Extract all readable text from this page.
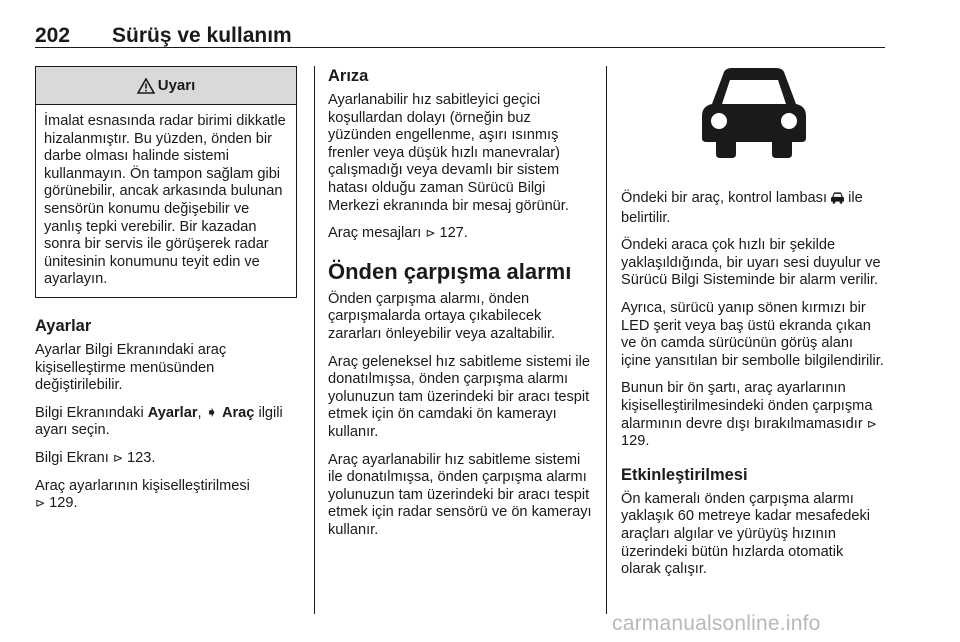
202 Sürüş ve kullanım
Uyarı

İmalat esnasında radar birimi dikkatle hizalanmıştır. Bu yüzden, önden bir darbe olması halinde sistemi kullanmayın. Ön tampon sağlam gibi görünebilir, ancak arkasında bulunan sensörün konumu değişebilir ve yanlış tepki verebilir. Bir kazadan sonra bir servis ile görüşerek radar ünitesinin konumunu teyit edin ve ayarlayın.

Ayarlar

Ayarlar Bilgi Ekranındaki araç kişiselleştirme menüsünden değiştirilebilir.

Bilgi Ekranındaki Ayarlar, ➧ Araç ilgili ayarı seçin.

Bilgi Ekranı ⊳ 123.

Araç ayarlarının kişiselleştirilmesi
⊳ 129.

Arıza

Ayarlanabilir hız sabitleyici geçici koşullardan dolayı (örneğin buz yüzünden engellenme, aşırı ısınmış frenler veya düşük hızlı manevralar) çalışmadığı veya devamlı bir sistem hatası olduğu zaman Sürücü Bilgi Merkezi ekranında bir mesaj görünür.

Araç mesajları ⊳ 127.

Önden çarpışma alarmı

Önden çarpışma alarmı, önden çarpışmalarda ortaya çıkabilecek zararları önleyebilir veya azaltabilir.

Araç geleneksel hız sabitleme sistemi ile donatılmışsa, önden çarpışma alarmı yolunuzun tam üzerindeki bir aracı tespit etmek için ön camdaki ön kamerayı kullanır.

Araç ayarlanabilir hız sabitleme sistemi ile donatılmışsa, önden çarpışma alarmı yolunuzun tam üzerindeki bir aracı tespit etmek için radar sensörü ve ön kamerayı kullanır.

Öndeki bir araç, kontrol lambası  ile belirtilir.

Öndeki araca çok hızlı bir şekilde yaklaşıldığında, bir uyarı sesi duyulur ve Sürücü Bilgi Sisteminde bir alarm verilir.

Ayrıca, sürücü yanıp sönen kırmızı bir LED şerit veya baş üstü ekranda çıkan ve ön camda sürücünün görüş alanı içine yansıtılan bir sembolle bilgilendirilir.

Bunun bir ön şartı, araç ayarlarının kişiselleştirilmesindeki önden çarpışma alarmının devre dışı bırakılmamasıdır ⊳ 129.

Etkinleştirilmesi

Ön kameralı önden çarpışma alarmı yaklaşık 60 metreye kadar mesafedeki araçları algılar ve yürüyüş hızının üzerindeki bütün hızlarda otomatik olarak çalışır.

carmanualsonline.info
